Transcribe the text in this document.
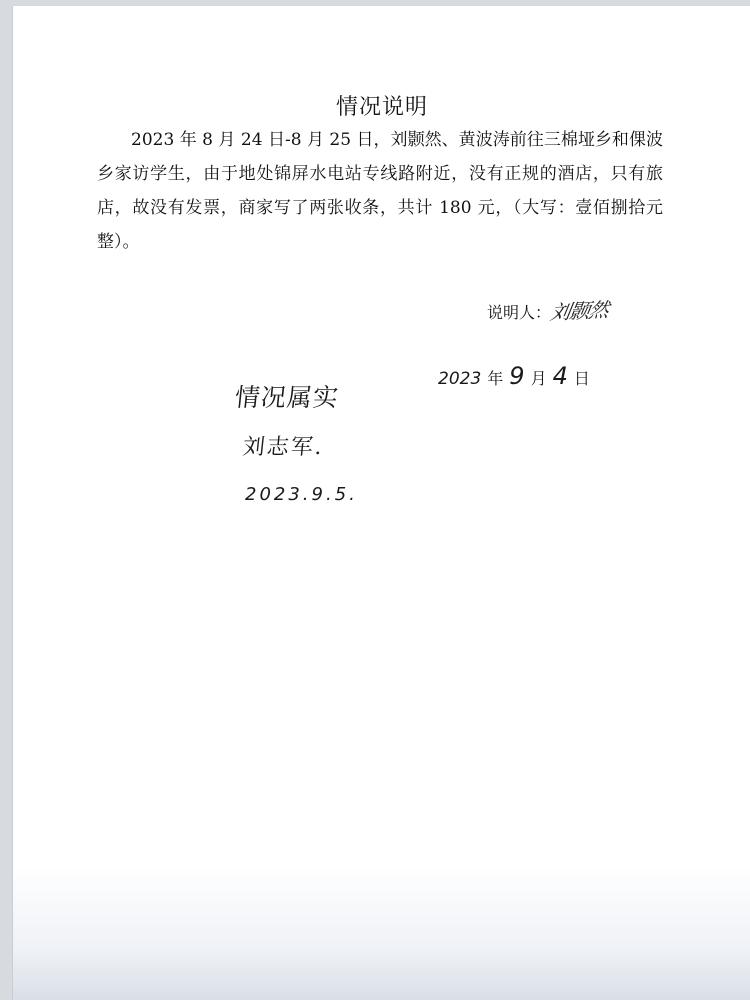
情况说明

2023 年 8 月 24 日-8 月 25 日，刘颢然、黄波涛前往三棉垭乡和倮波乡家访学生，由于地处锦屏水电站专线路附近，没有正规的酒店，只有旅店，故没有发票，商家写了两张收条，共计 180 元，（大写：壹佰捌拾元整）。

说明人：刘颢然
2023 年 9 月 4 日
情况属实
刘志军.
2023.9.5.
